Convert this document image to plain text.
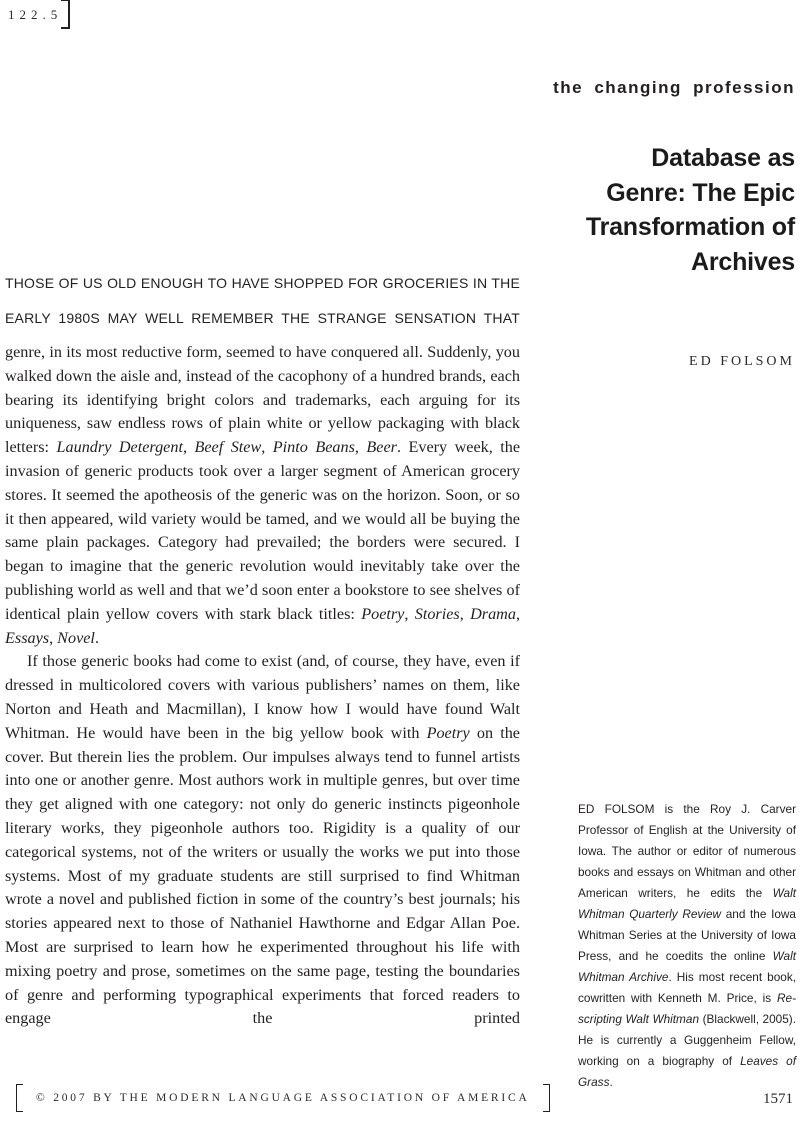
122.5
the changing profession
Database as
Genre: The Epic
Transformation of
Archives
ED FOLSOM

THOSE OF US OLD ENOUGH TO HAVE SHOPPED FOR GROCERIES IN THE EARLY 1980S MAY WELL REMEMBER THE STRANGE SENSATION THAT

genre, in its most reductive form, seemed to have conquered all. Suddenly, you walked down the aisle and, instead of the cacophony of a hundred brands, each bearing its identifying bright colors and trademarks, each arguing for its uniqueness, saw endless rows of plain white or yellow packaging with black letters: Laundry Detergent, Beef Stew, Pinto Beans, Beer. Every week, the invasion of generic products took over a larger segment of American grocery stores. It seemed the apotheosis of the generic was on the horizon. Soon, or so it then appeared, wild variety would be tamed, and we would all be buying the same plain packages. Category had prevailed; the borders were secured. I began to imagine that the generic revolution would inevitably take over the publishing world as well and that we’d soon enter a bookstore to see shelves of identical plain yellow covers with stark black titles: Poetry, Stories, Drama, Essays, Novel.

If those generic books had come to exist (and, of course, they have, even if dressed in multicolored covers with various publishers’ names on them, like Norton and Heath and Macmillan), I know how I would have found Walt Whitman. He would have been in the big yellow book with Poetry on the cover. But therein lies the problem. Our impulses always tend to funnel artists into one or another genre. Most authors work in multiple genres, but over time they get aligned with one category: not only do generic instincts pigeonhole literary works, they pigeonhole authors too. Rigidity is a quality of our categorical systems, not of the writers or usually the works we put into those systems. Most of my graduate students are still surprised to find Whitman wrote a novel and published fiction in some of the country’s best journals; his stories appeared next to those of Nathaniel Hawthorne and Edgar Allan Poe. Most are surprised to learn how he experimented throughout his life with mixing poetry and prose, sometimes on the same page, testing the boundaries of genre and performing typographical experiments that forced readers to engage the printed

ED FOLSOM is the Roy J. Carver Professor of English at the University of Iowa. The author or editor of numerous books and essays on Whitman and other American writers, he edits the Walt Whitman Quarterly Review and the Iowa Whitman Series at the University of Iowa Press, and he coedits the online Walt Whitman Archive. His most recent book, cowritten with Kenneth M. Price, is Re-scripting Walt Whitman (Blackwell, 2005). He is currently a Guggenheim Fellow, working on a biography of Leaves of Grass.
© 2007 BY THE MODERN LANGUAGE ASSOCIATION OF AMERICA	1571
